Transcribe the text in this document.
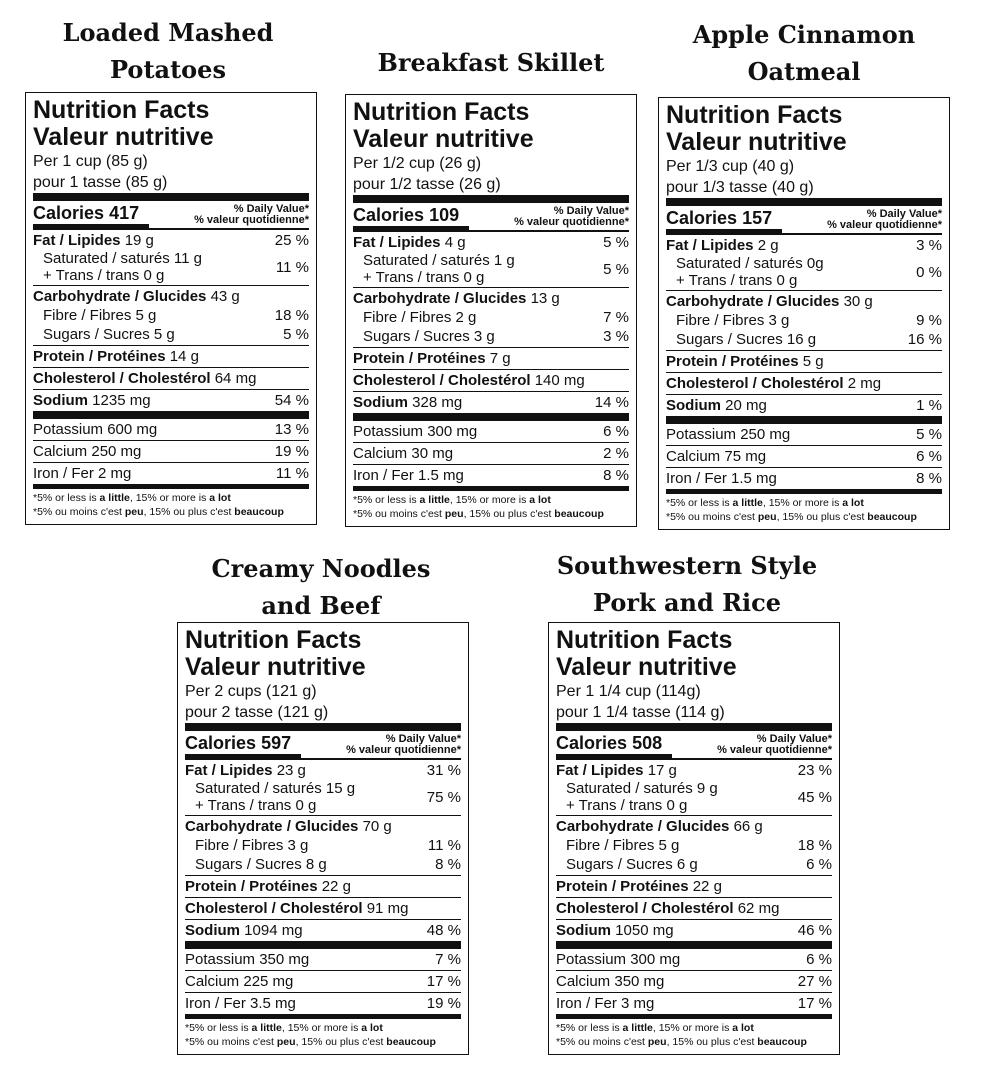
Loaded Mashed
Potatoes
Nutrition Facts
Valeur nutritive
Per 1 cup (85 g)
pour 1 tasse (85 g)
Calories 417	% Daily Value*
% valeur quotidienne*
Fat / Lipides 19 g	25 %
Saturated / saturés 11 g
+ Trans / trans 0 g	11 %
Carbohydrate / Glucides 43 g
Fibre / Fibres 5 g	18 %
Sugars / Sucres 5 g	5 %
Protein / Protéines 14 g
Cholesterol / Cholestérol 64 mg
Sodium 1235 mg	54 %
Potassium 600 mg	13 %
Calcium 250 mg	19 %
Iron / Fer 2 mg	11 %
*5% or less is a little, 15% or more is a lot
*5% ou moins c'est peu, 15% ou plus c'est beaucoup
Breakfast Skillet
Nutrition Facts
Valeur nutritive
Per 1/2 cup (26 g)
pour 1/2 tasse (26 g)
Calories 109	% Daily Value*
% valeur quotidienne*
Fat / Lipides 4 g	5 %
Saturated / saturés 1 g
+ Trans / trans 0 g	5 %
Carbohydrate / Glucides 13 g
Fibre / Fibres 2 g	7 %
Sugars / Sucres 3 g	3 %
Protein / Protéines 7 g
Cholesterol / Cholestérol 140 mg
Sodium 328 mg	14 %
Potassium 300 mg	6 %
Calcium 30 mg	2 %
Iron / Fer 1.5 mg	8 %
*5% or less is a little, 15% or more is a lot
*5% ou moins c'est peu, 15% ou plus c'est beaucoup
Apple Cinnamon
Oatmeal
Nutrition Facts
Valeur nutritive
Per 1/3 cup (40 g)
pour 1/3 tasse (40 g)
Calories 157	% Daily Value*
% valeur quotidienne*
Fat / Lipides 2 g	3 %
Saturated / saturés 0g
+ Trans / trans 0 g	0 %
Carbohydrate / Glucides 30 g
Fibre / Fibres 3 g	9 %
Sugars / Sucres 16 g	16 %
Protein / Protéines 5 g
Cholesterol / Cholestérol 2 mg
Sodium 20 mg	1 %
Potassium 250 mg	5 %
Calcium 75 mg	6 %
Iron / Fer 1.5 mg	8 %
*5% or less is a little, 15% or more is a lot
*5% ou moins c'est peu, 15% ou plus c'est beaucoup
Creamy Noodles
and Beef
Nutrition Facts
Valeur nutritive
Per 2 cups (121 g)
pour 2 tasse (121 g)
Calories 597	% Daily Value*
% valeur quotidienne*
Fat / Lipides 23 g	31 %
Saturated / saturés 15 g
+ Trans / trans 0 g	75 %
Carbohydrate / Glucides 70 g
Fibre / Fibres 3 g	11 %
Sugars / Sucres 8 g	8 %
Protein / Protéines 22 g
Cholesterol / Cholestérol 91 mg
Sodium 1094 mg	48 %
Potassium 350 mg	7 %
Calcium 225 mg	17 %
Iron / Fer 3.5 mg	19 %
*5% or less is a little, 15% or more is a lot
*5% ou moins c'est peu, 15% ou plus c'est beaucoup
Southwestern Style
Pork and Rice
Nutrition Facts
Valeur nutritive
Per 1 1/4 cup (114g)
pour 1 1/4 tasse (114 g)
Calories 508	% Daily Value*
% valeur quotidienne*
Fat / Lipides 17 g	23 %
Saturated / saturés 9 g
+ Trans / trans 0 g	45 %
Carbohydrate / Glucides 66 g
Fibre / Fibres 5 g	18 %
Sugars / Sucres 6 g	6 %
Protein / Protéines 22 g
Cholesterol / Cholestérol 62 mg
Sodium 1050 mg	46 %
Potassium 300 mg	6 %
Calcium 350 mg	27 %
Iron / Fer 3 mg	17 %
*5% or less is a little, 15% or more is a lot
*5% ou moins c'est peu, 15% ou plus c'est beaucoup
